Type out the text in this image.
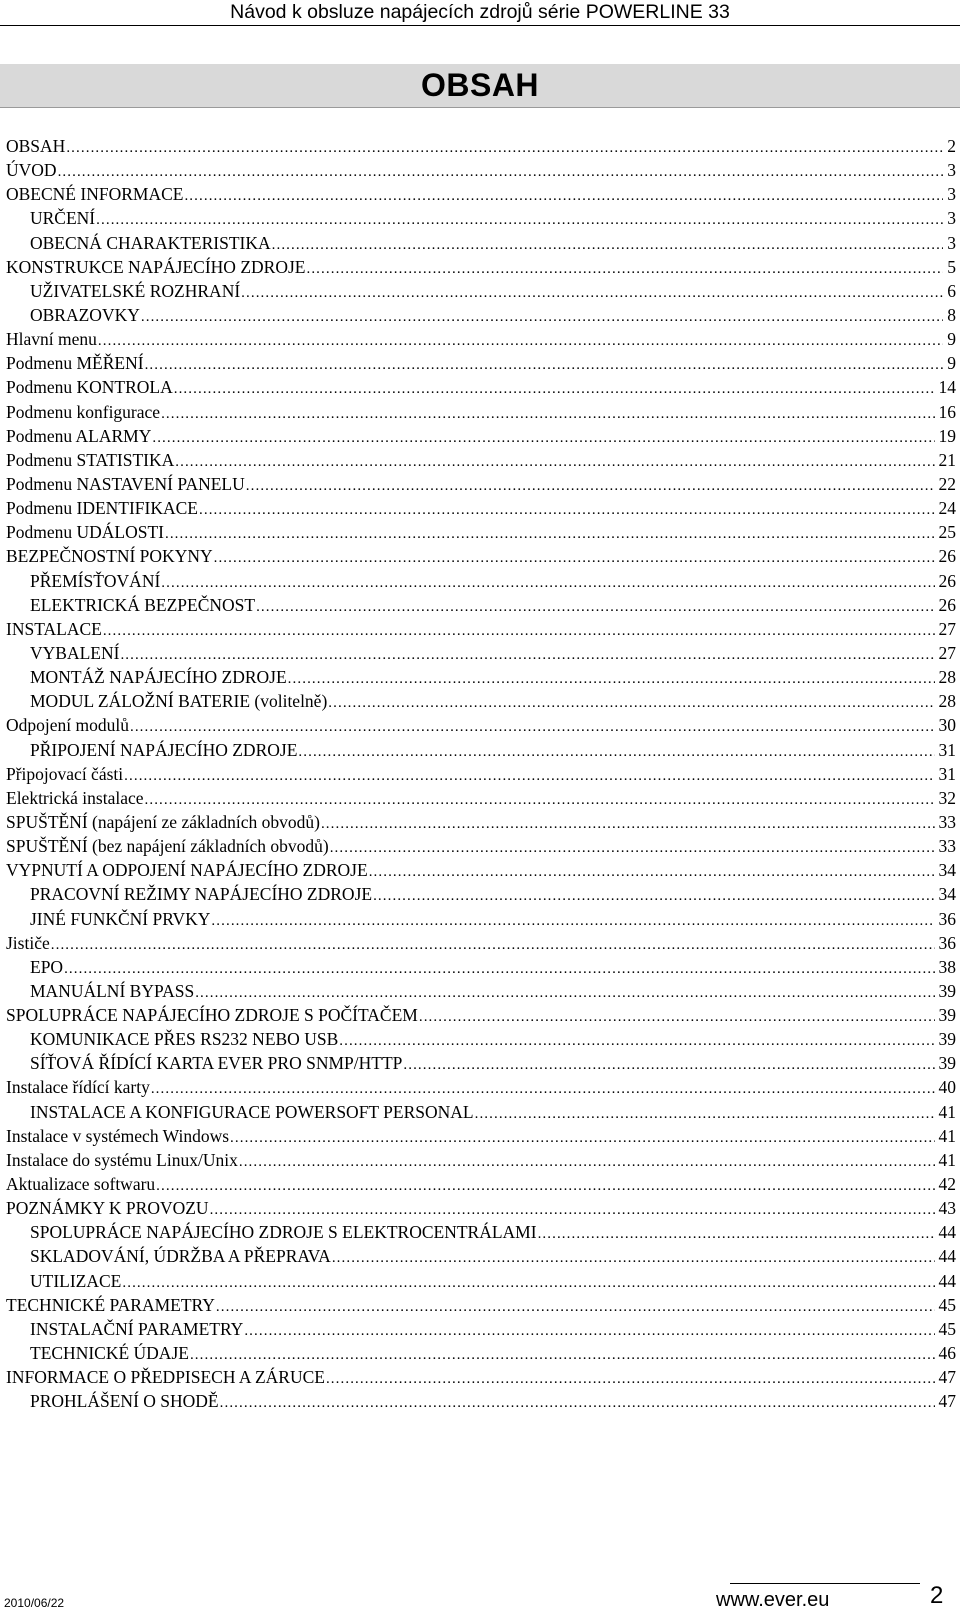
Návod k obsluze napájecích zdrojů série POWERLINE 33
OBSAH
OBSAH .....	2
ÚVOD .....	3
OBECNÉ INFORMACE .....	3
URČENÍ .....	3
OBECNÁ CHARAKTERISTIKA .....	3
KONSTRUKCE NAPÁJECÍHO ZDROJE .....	5
UŽIVATELSKÉ ROZHRANÍ .....	6
OBRAZOVKY .....	8
Hlavní menu .....	9
Podmenu MĚŘENÍ .....	9
Podmenu KONTROLA .....	14
Podmenu konfigurace .....	16
Podmenu ALARMY .....	19
Podmenu STATISTIKA .....	21
Podmenu NASTAVENÍ PANELU .....	22
Podmenu IDENTIFIKACE .....	24
Podmenu UDÁLOSTI .....	25
BEZPEČNOSTNÍ POKYNY .....	26
PŘEMÍSŤOVÁNÍ .....	26
ELEKTRICKÁ BEZPEČNOST .....	26
INSTALACE .....	27
VYBALENÍ .....	27
MONTÁŽ NAPÁJECÍHO ZDROJE .....	28
MODUL ZÁLOŽNÍ BATERIE (volitelně) .....	28
Odpojení modulů .....	30
PŘIPOJENÍ NAPÁJECÍHO ZDROJE .....	31
Připojovací části .....	31
Elektrická instalace .....	32
SPUŠTĚNÍ (napájení ze základních obvodů) .....	33
SPUŠTĚNÍ (bez napájení základních obvodů) .....	33
VYPNUTÍ A ODPOJENÍ NAPÁJECÍHO ZDROJE .....	34
PRACOVNÍ REŽIMY NAPÁJECÍHO ZDROJE .....	34
JINÉ FUNKČNÍ PRVKY .....	36
Jističe .....	36
EPO .....	38
MANUÁLNÍ BYPASS .....	39
SPOLUPRÁCE NAPÁJECÍHO ZDROJE S POČÍTAČEM .....	39
KOMUNIKACE PŘES RS232 NEBO USB .....	39
SÍŤOVÁ ŘÍDÍCÍ KARTA EVER PRO SNMP/HTTP .....	39
Instalace řídící karty .....	40
INSTALACE A KONFIGURACE POWERSOFT PERSONAL .....	41
Instalace v systémech Windows .....	41
Instalace do systému Linux/Unix .....	41
Aktualizace softwaru .....	42
POZNÁMKY K PROVOZU .....	43
SPOLUPRÁCE NAPÁJECÍHO ZDROJE S ELEKTROCENTRÁLAMI .....	44
SKLADOVÁNÍ, ÚDRŽBA A PŘEPRAVA .....	44
UTILIZACE .....	44
TECHNICKÉ PARAMETRY .....	45
INSTALAČNÍ PARAMETRY .....	45
TECHNICKÉ ÚDAJE .....	46
INFORMACE O PŘEDPISECH A ZÁRUCE .....	47
PROHLÁŠENÍ O SHODĚ .....	47
2010/06/22	www.ever.eu	2
